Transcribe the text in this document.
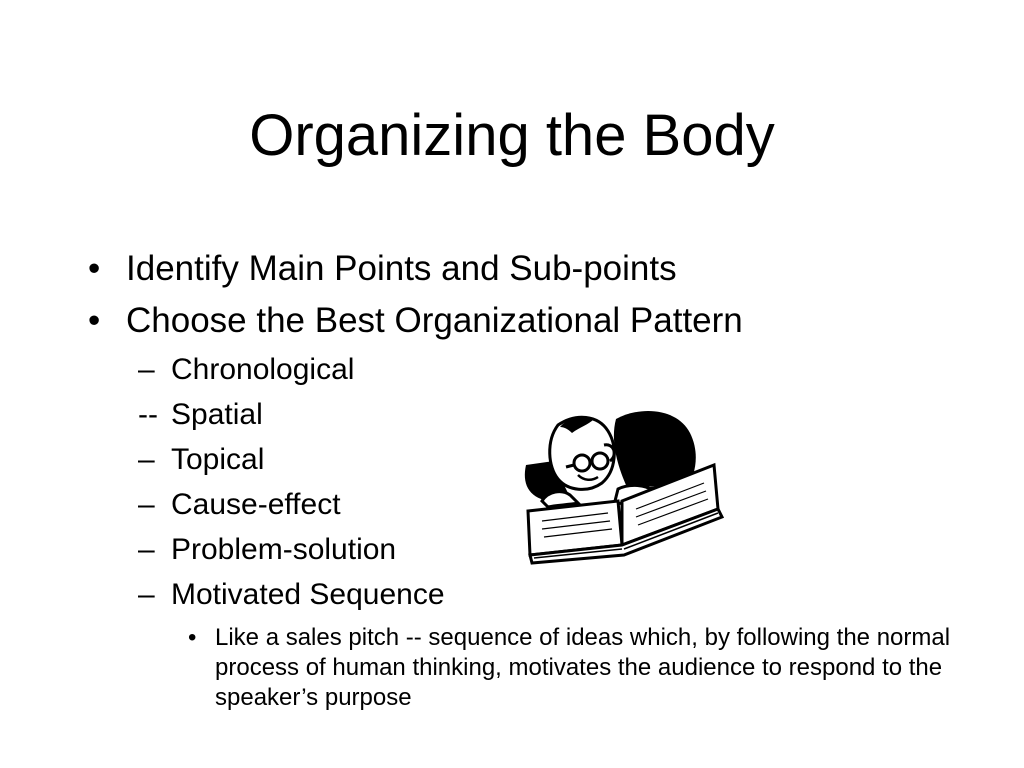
Organizing the Body
• Identify Main Points and Sub-points
• Choose the Best Organizational Pattern
– Chronological
-- Spatial
– Topical
– Cause-effect
– Problem-solution
– Motivated Sequence
• Like a sales pitch -- sequence of ideas which, by following the normal process of human thinking, motivates the audience to respond to the speaker’s purpose
